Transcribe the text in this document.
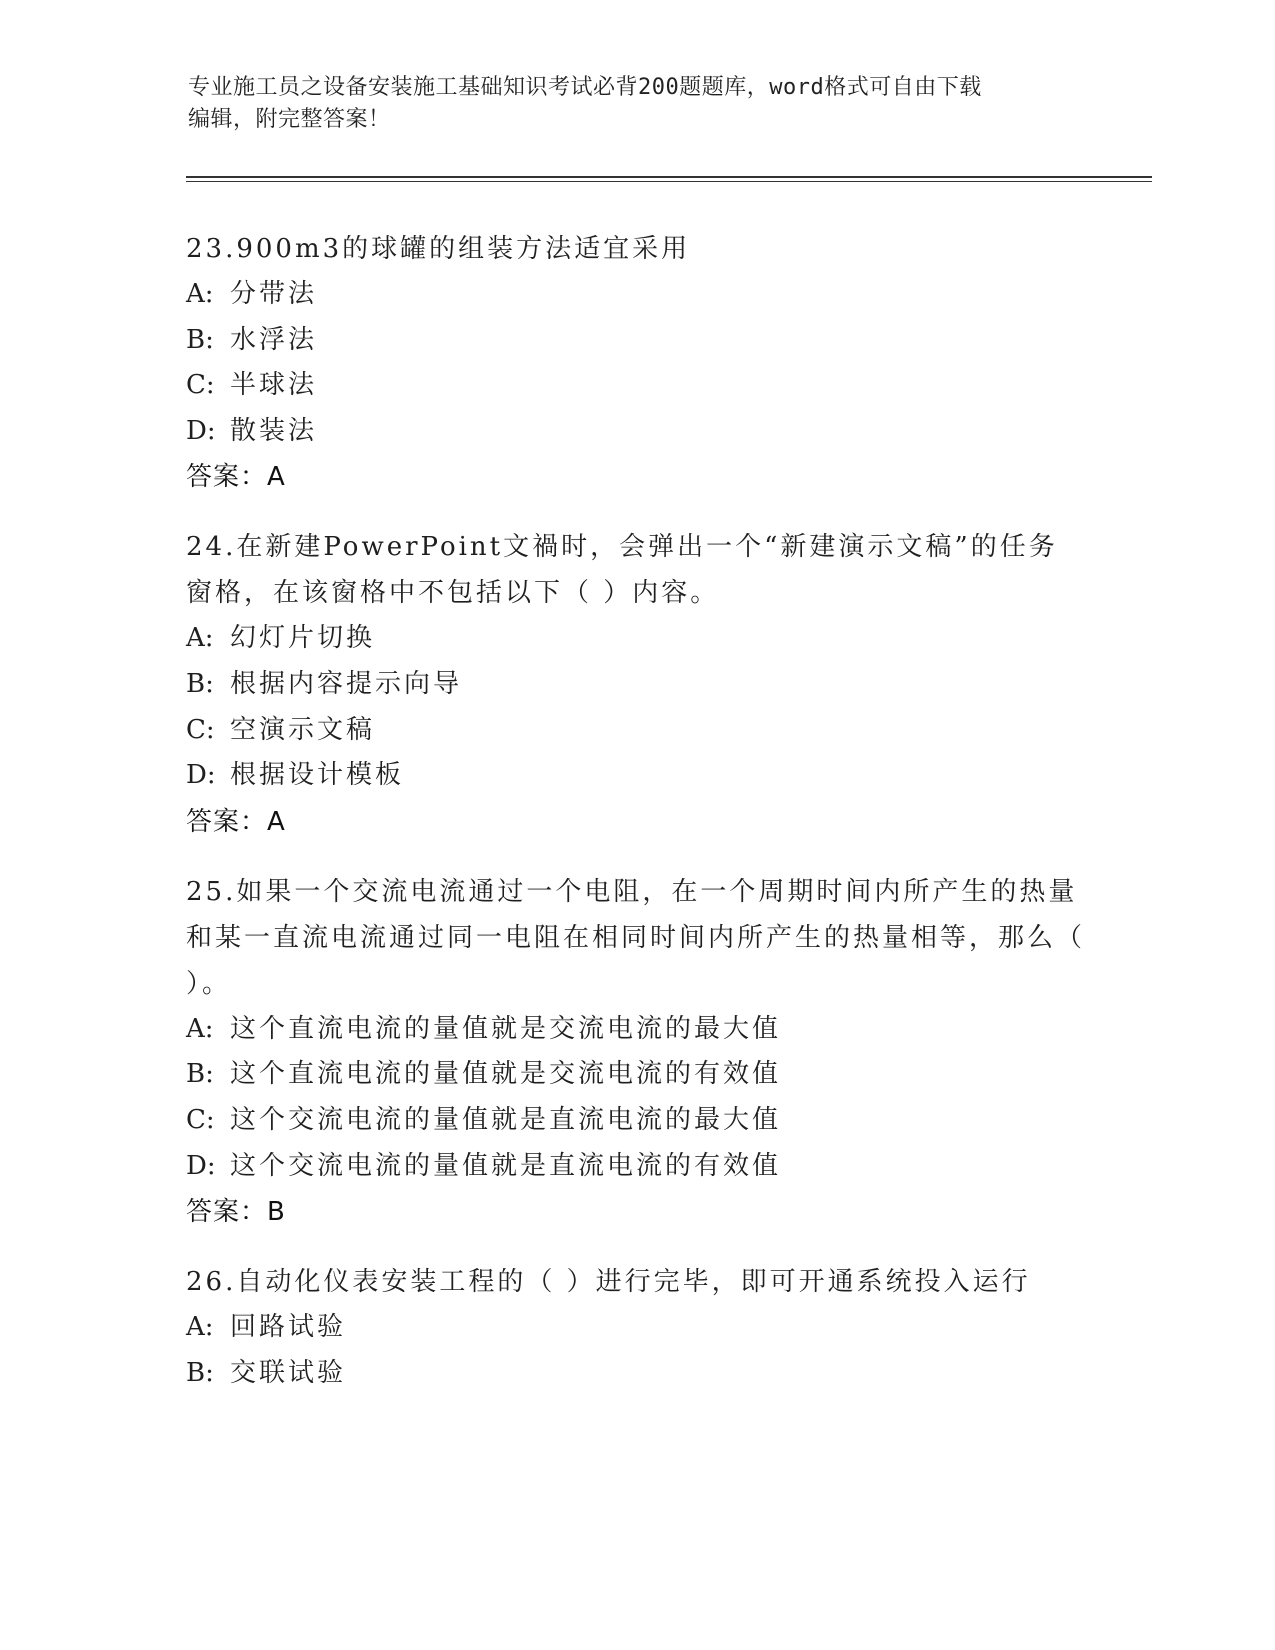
专业施工员之设备安装施工基础知识考试必背200题题库，word格式可自由下载
编辑，附完整答案！
23.900m3的球罐的组装方法适宜采用
A: 分带法
B: 水浮法
C: 半球法
D: 散装法
答案：A
24.在新建PowerPoint文禍时，会弹出一个“新建演示文稿”的任务窗格，在该窗格中不包括以下（ ）内容。
A: 幻灯片切换
B: 根据内容提示向导
C: 空演示文稿
D: 根据设计模板
答案：A
25.如果一个交流电流通过一个电阻，在一个周期时间内所产生的热量和某一直流电流通过同一电阻在相同时间内所产生的热量相等，那么（ ）。
A: 这个直流电流的量值就是交流电流的最大值
B: 这个直流电流的量值就是交流电流的有效值
C: 这个交流电流的量值就是直流电流的最大值
D: 这个交流电流的量值就是直流电流的有效值
答案：B
26.自动化仪表安装工程的（ ）进行完毕，即可开通系统投入运行
A: 回路试验
B: 交联试验
